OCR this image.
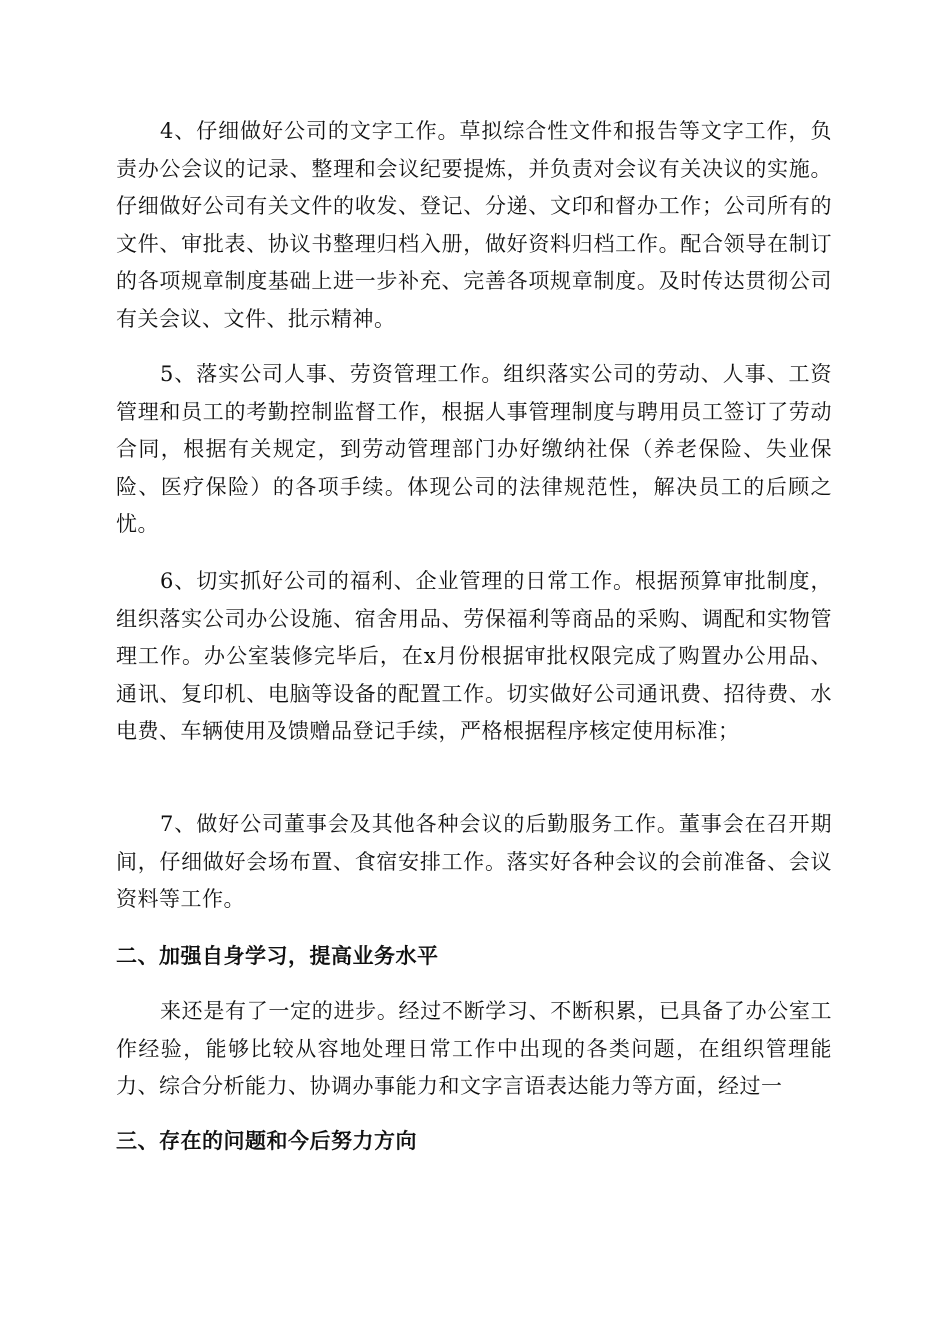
4、仔细做好公司的文字工作。草拟综合性文件和报告等文字工作，负责办公会议的记录、整理和会议纪要提炼，并负责对会议有关决议的实施。仔细做好公司有关文件的收发、登记、分递、文印和督办工作；公司所有的文件、审批表、协议书整理归档入册，做好资料归档工作。配合领导在制订的各项规章制度基础上进一步补充、完善各项规章制度。及时传达贯彻公司有关会议、文件、批示精神。

5、落实公司人事、劳资管理工作。组织落实公司的劳动、人事、工资管理和员工的考勤控制监督工作，根据人事管理制度与聘用员工签订了劳动合同，根据有关规定，到劳动管理部门办好缴纳社保（养老保险、失业保险、医疗保险）的各项手续。体现公司的法律规范性，解决员工的后顾之忧。

6、切实抓好公司的福利、企业管理的日常工作。根据预算审批制度，组织落实公司办公设施、宿舍用品、劳保福利等商品的采购、调配和实物管理工作。办公室装修完毕后，在x月份根据审批权限完成了购置办公用品、通讯、复印机、电脑等设备的配置工作。切实做好公司通讯费、招待费、水电费、车辆使用及馈赠品登记手续，严格根据程序核定使用标准；

7、做好公司董事会及其他各种会议的后勤服务工作。董事会在召开期间，仔细做好会场布置、食宿安排工作。落实好各种会议的会前准备、会议资料等工作。

二、加强自身学习，提高业务水平

来还是有了一定的进步。经过不断学习、不断积累，已具备了办公室工作经验，能够比较从容地处理日常工作中出现的各类问题，在组织管理能力、综合分析能力、协调办事能力和文字言语表达能力等方面，经过一

三、存在的问题和今后努力方向
